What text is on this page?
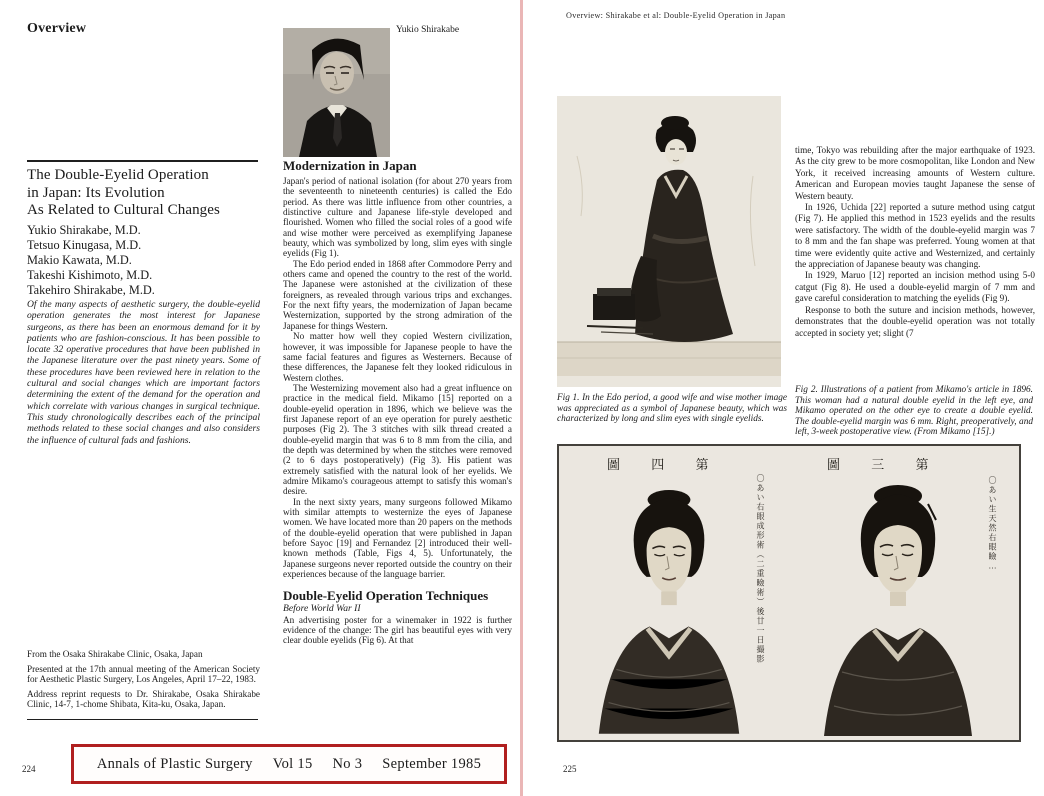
Overview	Yukio Shirakabe
The Double-Eyelid Operation
in Japan: Its Evolution
As Related to Cultural Changes
Yukio Shirakabe, M.D.
Tetsuo Kinugasa, M.D.
Makio Kawata, M.D.
Takeshi Kishimoto, M.D.
Takehiro Shirakabe, M.D.
Of the many aspects of aesthetic surgery, the double-eyelid operation generates the most interest for Japanese surgeons, as there has been an enormous demand for it by patients who are fashion-conscious. It has been possible to locate 32 operative procedures that have been published in the Japanese literature over the past ninety years. Some of these procedures have been reviewed here in relation to the cultural and social changes which are important factors determining the extent of the demand for the operation and which correlate with various changes in surgical technique. This study chronologically describes each of the principal methods related to these social changes and also considers the influence of cultural fads and fashions.

From the Osaka Shirakabe Clinic, Osaka, Japan

Presented at the 17th annual meeting of the American Society for Aesthetic Plastic Surgery, Los Angeles, April 17–22, 1983.

Address reprint requests to Dr. Shirakabe, Osaka Shirakabe Clinic, 14-7, 1-chome Shibata, Kita-ku, Osaka, Japan.

Modernization in Japan

Japan's period of national isolation (for about 270 years from the seventeenth to nineteenth centuries) is called the Edo period. As there was little influence from other countries, a distinctive culture and Japanese life-style developed and flourished. Women who filled the social roles of a good wife and wise mother were perceived as exemplifying Japanese beauty, which was symbolized by long, slim eyes with single eyelids (Fig 1).

The Edo period ended in 1868 after Commodore Perry and others came and opened the country to the rest of the world. The Japanese were astonished at the civilization of these foreigners, as revealed through various trips and exchanges. For the next fifty years, the modernization of Japan became Westernization, supported by the strong admiration of the Japanese for things Western.

No matter how well they copied Western civilization, however, it was impossible for Japanese people to have the same facial features and figures as Westerners. Because of these differences, the Japanese felt they looked ridiculous in Western clothes.

The Westernizing movement also had a great influence on practice in the medical field. Mikamo [15] reported on a double-eyelid operation in 1896, which we believe was the first Japanese report of an eye operation for purely aesthetic purposes (Fig 2). The 3 stitches with silk thread created a double-eyelid margin that was 6 to 8 mm from the cilia, and the depth was determined by when the stitches were removed (2 to 6 days postoperatively) (Fig 3). His patient was extremely satisfied with the natural look of her eyelids. We admire Mikamo's courageous attempt to satisfy this woman's desire.

In the next sixty years, many surgeons followed Mikamo with similar attempts to westernize the eyes of Japanese women. We have located more than 20 papers on the methods of the double-eyelid operation that were published in Japan before Sayoc [19] and Fernandez [2] introduced their well-known methods (Table, Figs 4, 5). Unfortunately, the Japanese surgeons never reported outside the country on their experiences because of the language barrier.

Double-Eyelid Operation Techniques

Before World War II

An advertising poster for a winemaker in 1922 is further evidence of the change: The girl has beautiful eyes with very clear double eyelids (Fig 6). At that

Annals of Plastic Surgery Vol 15 No 3 September 1985
224
Overview: Shirakabe et al: Double-Eyelid Operation in Japan
Fig 1. In the Edo period, a good wife and wise mother image was appreciated as a symbol of Japanese beauty, which was characterized by long and slim eyes with single eyelids.

time, Tokyo was rebuilding after the major earthquake of 1923. As the city grew to be more cosmopolitan, like London and New York, it received increasing amounts of Western culture. American and European movies taught Japanese the sense of Western beauty.

In 1926, Uchida [22] reported a suture method using catgut (Fig 7). He applied this method in 1523 eyelids and the results were satisfactory. The width of the double-eyelid margin was 7 to 8 mm and the fan shape was preferred. Young women at that time were evidently quite active and Westernized, and certainly the appreciation of Japanese beauty was changing.

In 1929, Maruo [12] reported an incision method using 5-0 catgut (Fig 8). He used a double-eyelid margin of 7 mm and gave careful consideration to matching the eyelids (Fig 9).

Response to both the suture and incision methods, however, demonstrates that the double-eyelid operation was not totally accepted in society yet; slight (7

Fig 2. Illustrations of a patient from Mikamo's article in 1896. This woman had a natural double eyelid in the left eye, and Mikamo operated on the other eye to create a double eyelid. The double-eyelid margin was 6 mm. Right, preoperatively, and left, 3-week postoperative view. (From Mikamo [15].)
圖 四 第	圖 三 第
〇あい右眼成形術（二重瞼術）後廿一日撮影	〇あい生天然右眼瞼…
225
